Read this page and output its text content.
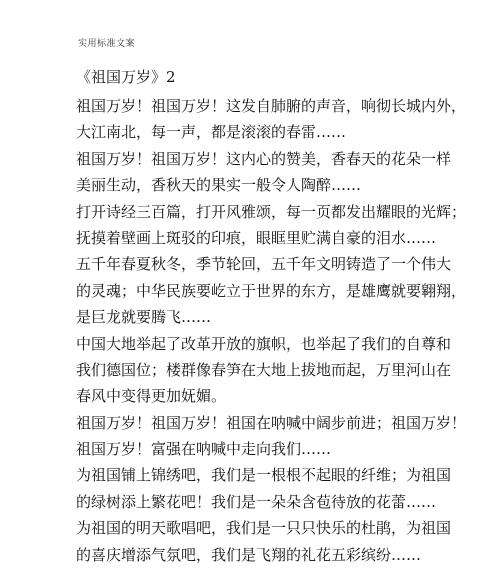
实用标准文案
《祖国万岁》2
祖国万岁！祖国万岁！这发自肺腑的声音，响彻长城内外，
大江南北，每一声，都是滚滚的春雷……
祖国万岁！祖国万岁！这内心的赞美，香春天的花朵一样
美丽生动，香秋天的果实一般令人陶醉……
打开诗经三百篇，打开风雅颂，每一页都发出耀眼的光辉；
抚摸着壁画上斑驳的印痕，眼眶里贮满自豪的泪水……
五千年春夏秋冬，季节轮回，五千年文明铸造了一个伟大
的灵魂；中华民族要屹立于世界的东方，是雄鹰就要翱翔，
是巨龙就要腾飞……
中国大地举起了改革开放的旗帜，也举起了我们的自尊和
我们德国位；楼群像春笋在大地上拔地而起，万里河山在
春风中变得更加妩媚。
祖国万岁！祖国万岁！祖国在呐喊中阔步前进；祖国万岁！
祖国万岁！富强在呐喊中走向我们……
为祖国铺上锦绣吧，我们是一根根不起眼的纤维；为祖国
的绿树添上繁花吧！我们是一朵朵含苞待放的花蕾……
为祖国的明天歌唱吧，我们是一只只快乐的杜鹃，为祖国
的喜庆增添气氛吧，我们是飞翔的礼花五彩缤纷……
